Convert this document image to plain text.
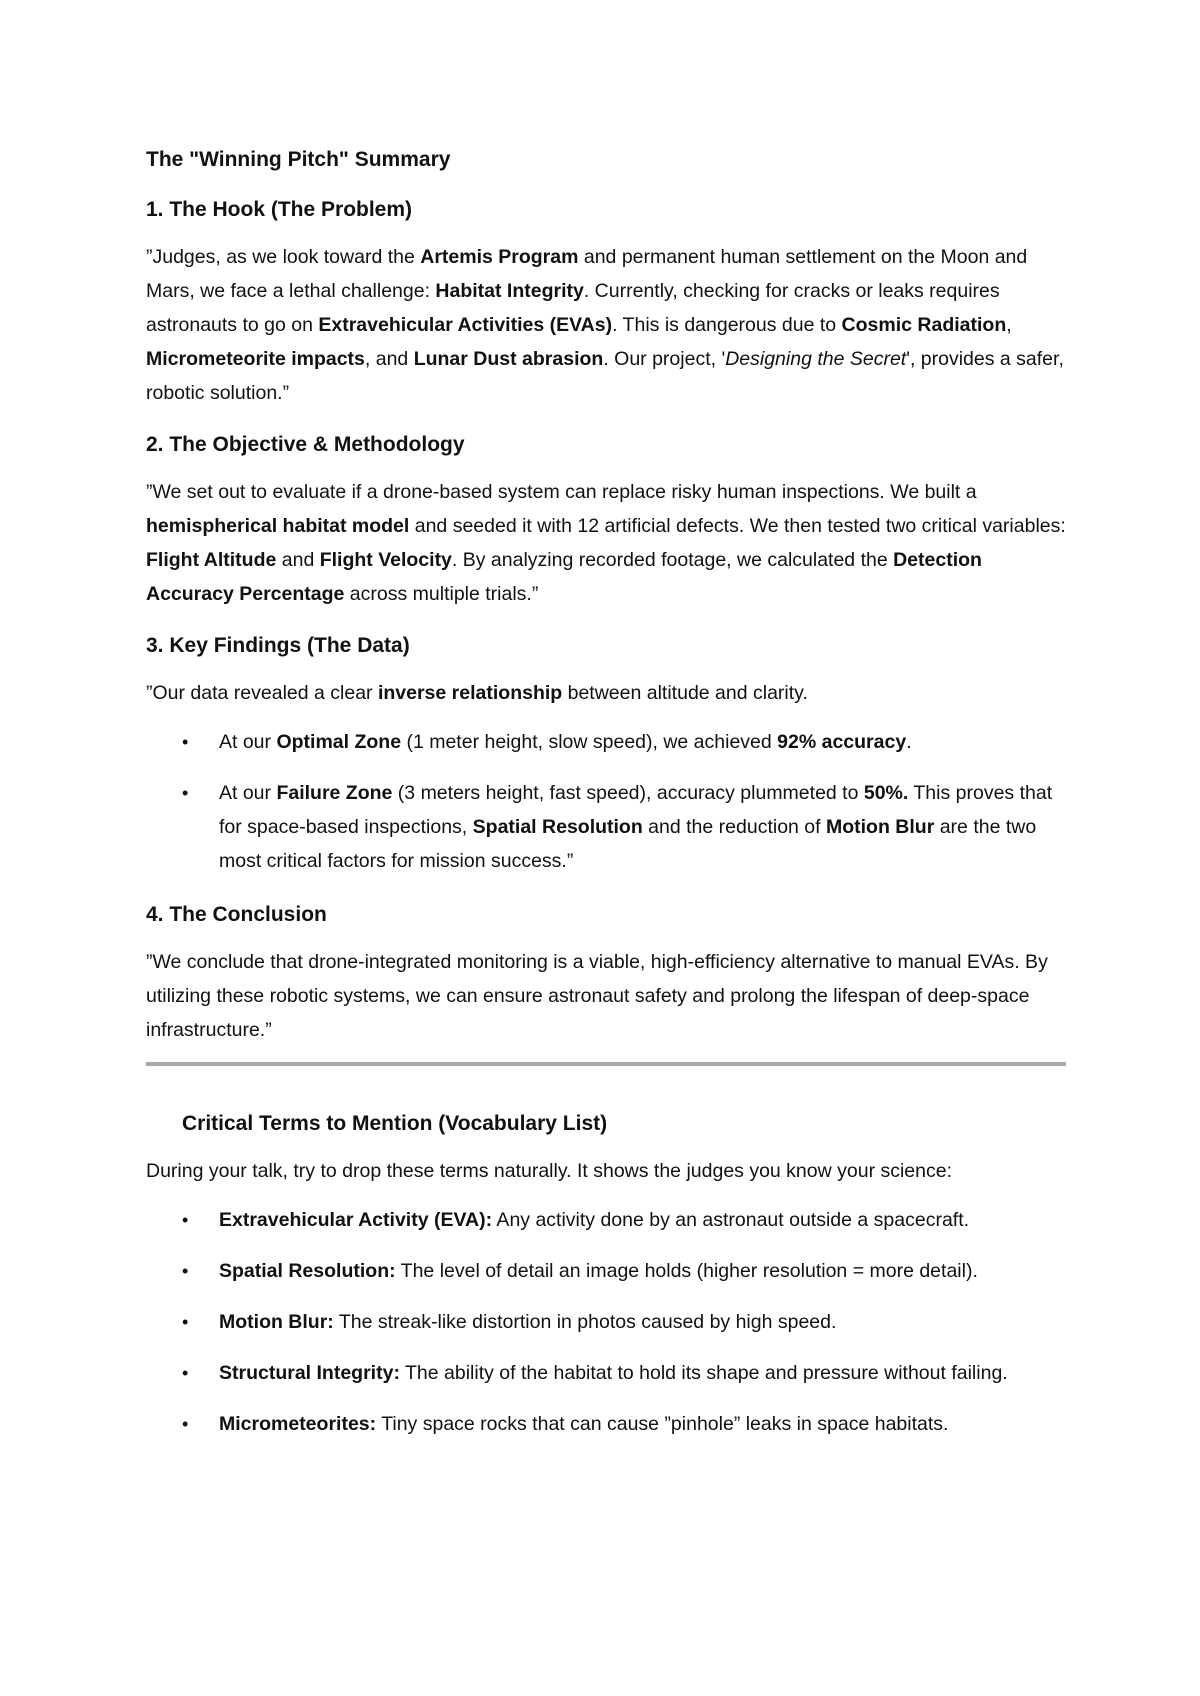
The "Winning Pitch" Summary

1. The Hook (The Problem)

”Judges, as we look toward the Artemis Program and permanent human settlement on the Moon and Mars, we face a lethal challenge: Habitat Integrity. Currently, checking for cracks or leaks requires astronauts to go on Extravehicular Activities (EVAs). This is dangerous due to Cosmic Radiation, Micrometeorite impacts, and Lunar Dust abrasion. Our project, 'Designing the Secret', provides a safer, robotic solution.”

2. The Objective & Methodology

”We set out to evaluate if a drone-based system can replace risky human inspections. We built a hemispherical habitat model and seeded it with 12 artificial defects. We then tested two critical variables: Flight Altitude and Flight Velocity. By analyzing recorded footage, we calculated the Detection Accuracy Percentage across multiple trials.”

3. Key Findings (The Data)

”Our data revealed a clear inverse relationship between altitude and clarity.

• At our Optimal Zone (1 meter height, slow speed), we achieved 92% accuracy.
• At our Failure Zone (3 meters height, fast speed), accuracy plummeted to 50%. This proves that for space-based inspections, Spatial Resolution and the reduction of Motion Blur are the two most critical factors for mission success.”

4. The Conclusion

”We conclude that drone-integrated monitoring is a viable, high-efficiency alternative to manual EVAs. By utilizing these robotic systems, we can ensure astronaut safety and prolong the lifespan of deep-space infrastructure.”

Critical Terms to Mention (Vocabulary List)

During your talk, try to drop these terms naturally. It shows the judges you know your science:

• Extravehicular Activity (EVA): Any activity done by an astronaut outside a spacecraft.
• Spatial Resolution: The level of detail an image holds (higher resolution = more detail).
• Motion Blur: The streak-like distortion in photos caused by high speed.
• Structural Integrity: The ability of the habitat to hold its shape and pressure without failing.
• Micrometeorites: Tiny space rocks that can cause ”pinhole” leaks in space habitats.
